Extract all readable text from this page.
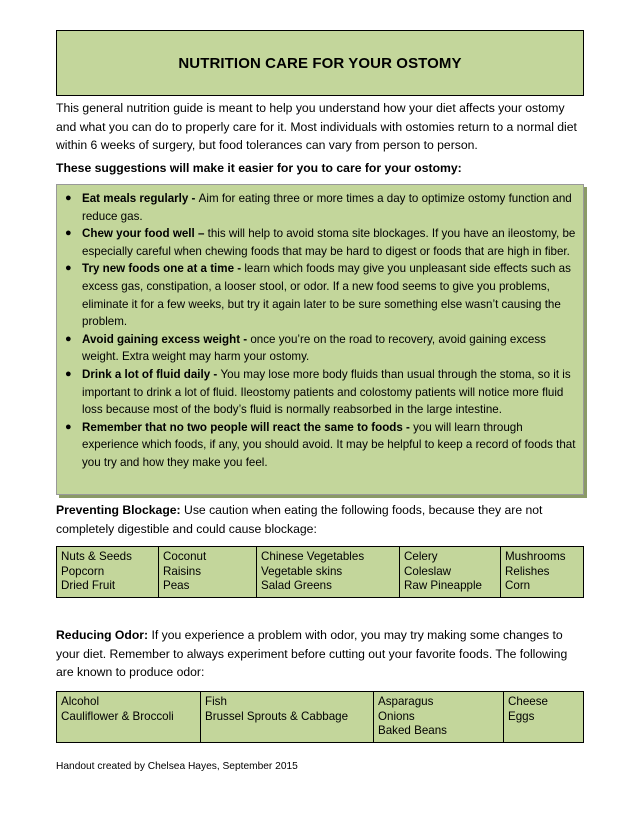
NUTRITION CARE FOR YOUR OSTOMY

This general nutrition guide is meant to help you understand how your diet affects your ostomy and what you can do to properly care for it. Most individuals with ostomies return to a normal diet within 6 weeks of surgery, but food tolerances can vary from person to person.

These suggestions will make it easier for you to care for your ostomy:

● Eat meals regularly - Aim for eating three or more times a day to optimize ostomy function and reduce gas.
● Chew your food well – this will help to avoid stoma site blockages. If you have an ileostomy, be especially careful when chewing foods that may be hard to digest or foods that are high in fiber.
● Try new foods one at a time - learn which foods may give you unpleasant side effects such as excess gas, constipation, a looser stool, or odor. If a new food seems to give you problems, eliminate it for a few weeks, but try it again later to be sure something else wasn’t causing the problem.
● Avoid gaining excess weight - once you’re on the road to recovery, avoid gaining excess weight. Extra weight may harm your ostomy.
● Drink a lot of fluid daily - You may lose more body fluids than usual through the stoma, so it is important to drink a lot of fluid. Ileostomy patients and colostomy patients will notice more fluid loss because most of the body’s fluid is normally reabsorbed in the large intestine.
● Remember that no two people will react the same to foods - you will learn through experience which foods, if any, you should avoid. It may be helpful to keep a record of foods that you try and how they make you feel.

Preventing Blockage: Use caution when eating the following foods, because they are not completely digestible and could cause blockage:

Nuts & Seeds
Popcorn
Dried Fruit

Coconut
Raisins
Peas

Chinese Vegetables
Vegetable skins
Salad Greens

Celery
Coleslaw
Raw Pineapple

Mushrooms
Relishes
Corn

Reducing Odor: If you experience a problem with odor, you may try making some changes to your diet. Remember to always experiment before cutting out your favorite foods. The following are known to produce odor:

Alcohol
Cauliflower & Broccoli

Fish
Brussel Sprouts & Cabbage

Asparagus
Onions
Baked Beans

Cheese
Eggs
Handout created by Chelsea Hayes, September 2015
